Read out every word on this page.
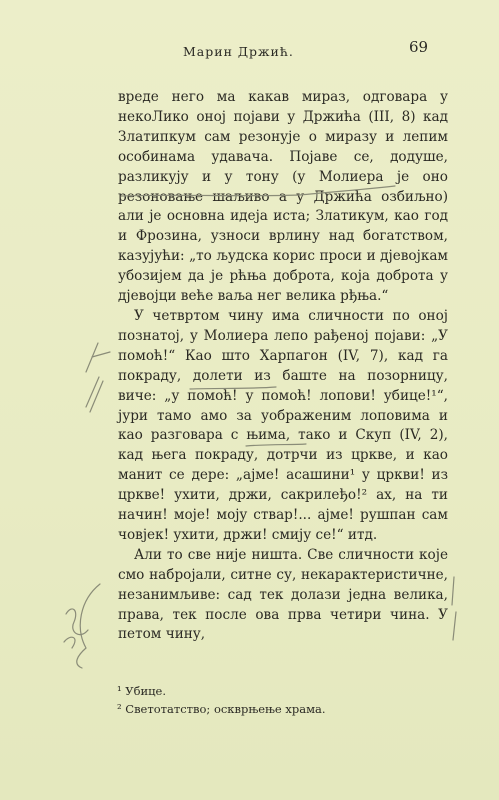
Марин Држић.	69

вреде него ма какав мираз, одговара у некоЛико оној појави у Држића (III, 8) кад Златипкум сам резонује о миразу и лепим особинама удавача. Појаве се, додуше, разликују и у тону (у Молиера је оно резоновање шаљиво а у Држића озбиљно) али је основна идеја иста; Златикум, као год и Фрозина, узноси врлину над богатством, казујући: „то људска корис проси и дјевојкам убозијем да је рћња доброта, која доброта у дјевојци веће ваља нег велика рђња.“

У четвртом чину има сличности по оној познатој, у Молиера лепо рађеној појави: „У помоћ!“ Као што Харпагон (IV, 7), кад га покраду, долети из баште на позорницу, виче: „у помоћ! у помоћ! лопови! убице!¹“, јури тамо амо за уображеним лоповима и као разговара с њима, тако и Скуп (IV, 2), кад њега покраду, дотрчи из цркве, и као манит се дере: „ајме! асашини¹ у цркви! из цркве! ухити, држи, сакрилеђо!² ах, на ти начин! моје! мојy ствар!... ајме! рушпан сам човјек! ухити, држи! смију се!“ итд.

Али то све није ништа. Све сличности које смо набројали, ситне су, некарактеристичне, незанимљиве: сад тек долази једна велика, права, тек после ова прва четири чина. У петом чину,

¹ Убице.

² Светотатство; оскврњење храма.
